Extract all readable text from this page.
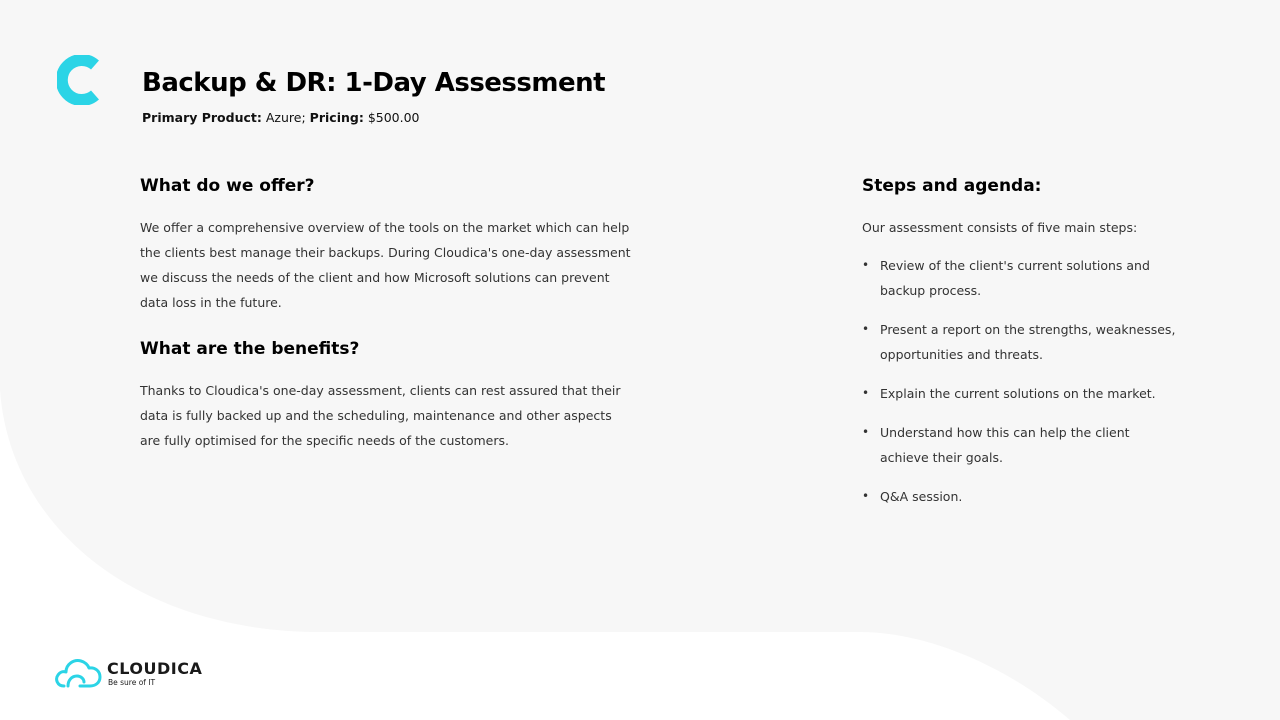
Backup & DR: 1-Day Assessment
Primary Product: Azure; Pricing: $500.00
What do we offer?

We offer a comprehensive overview of the tools on the market which can help the clients best manage their backups. During Cloudica's one-day assessment we discuss the needs of the client and how Microsoft solutions can prevent data loss in the future.

What are the benefits?

Thanks to Cloudica's one-day assessment, clients can rest assured that their data is fully backed up and the scheduling, maintenance and other aspects are fully optimised for the specific needs of the customers.

Steps and agenda:

Our assessment consists of five main steps:

• Review of the client's current solutions and backup process.
• Present a report on the strengths, weaknesses, opportunities and threats.
• Explain the current solutions on the market.
• Understand how this can help the client achieve their goals.
• Q&A session.
CLOUDICA
Be sure of IT
